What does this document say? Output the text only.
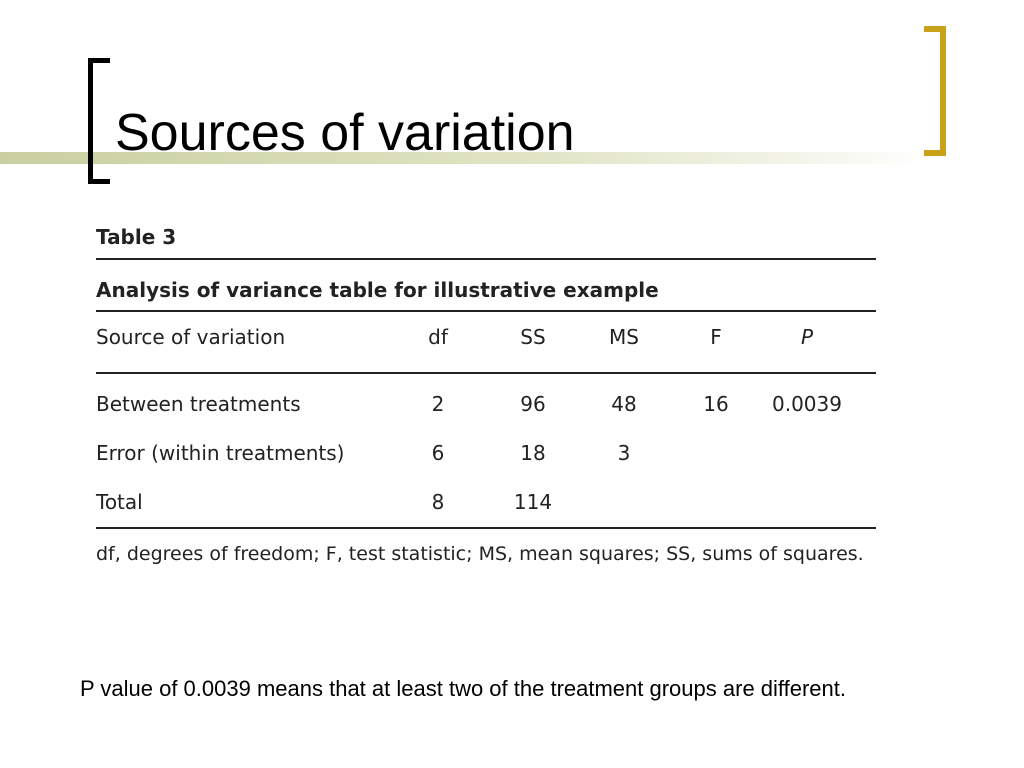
Sources of variation
Table 3
Analysis of variance table for illustrative example
Source of variation	df	SS	MS	F	P
Between treatments	2	96	48	16	0.0039
Error (within treatments)	6	18	3
Total	8	114
df, degrees of freedom; F, test statistic; MS, mean squares; SS, sums of squares.
P value of 0.0039 means that at least two of the treatment groups are different.
